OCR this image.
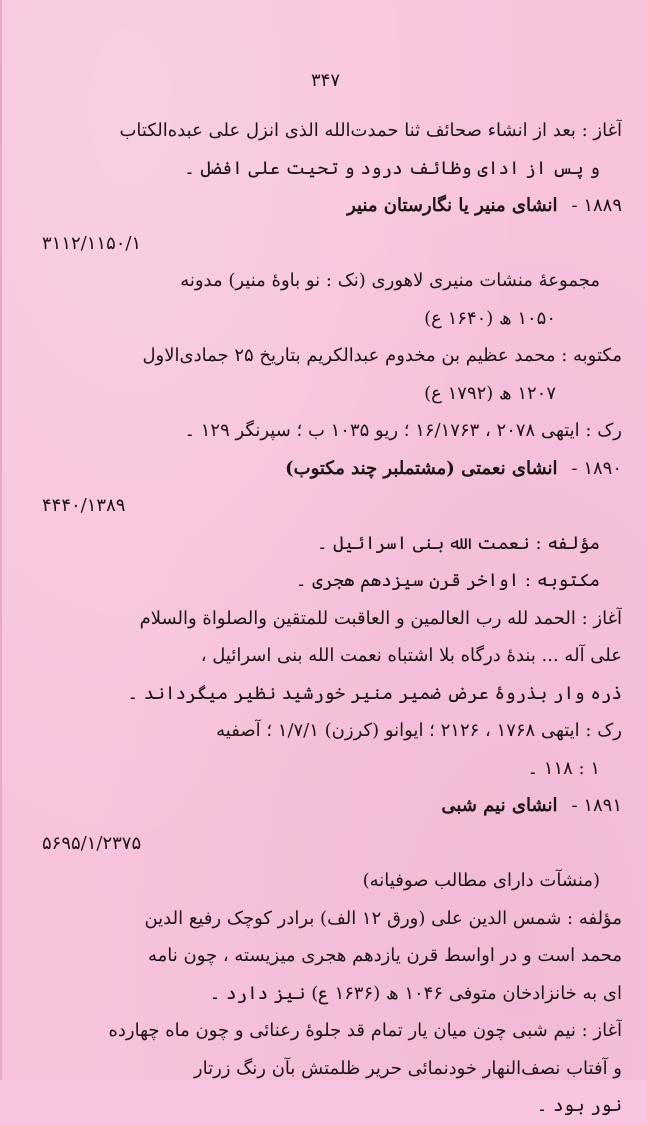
۳۴۷
آغاز : بعد از انشاء صحائف ثنا حمدت‌الله الذی انزل علی عبده‌الکتاب
و پس از ادای وظائف درود و تحیت علی افضل ۔
۱۸۸۹ -انشای منیر یا نگارستان منیر
۳۱۱۲/۱۱۵۰/۱
مجموعهٔ منشات منیری لاهوری (نک : نو باوهٔ منیر) مدونه
۱۰۵۰ ھ (۱۶۴۰ ع)
مکتوبه : محمد عظیم بن مخدوم عبدالکریم بتاریخ ۲۵ جمادی‌الاول
۱۲۰۷ ھ (۱۷۹۲ ع)
رک : ایتهی ۲۰۷۸ ، ۱۶/۱۷۶۳ ؛ ریو ۱۰۳۵ ب ؛ سپرنگر ۱۲۹ ۔
۱۸۹۰ -انشای نعمتی (مشتملبر چند مکتوب)
۴۴۴۰/۱۳۸۹
مؤلفه : نعمت الله بنی اسرائیل ۔
مکتوبه : اواخر قرن سیزدهم هجری ۔
آغاز : الحمد لله رب العالمین و العاقبت للمتقین والصلواة والسلام
علی آله ... بندهٔ درگاه بلا اشتباه نعمت الله بنی اسرائیل ،
ذره وار بذروهٔ عرض ضمیر منیر خورشید نظیر میگرداند ۔
رک : ایتهی ۱۷۶۸ ، ۲۱۲۶ ؛ ایوانو (کرزن) ۱/۷/۱ ؛ آصفیه
۱ : ۱۱۸ ۔
۱۸۹۱ -انشای نیم شبی
۵۶۹۵/۱/۲۳۷۵
(منشآت دارای مطالب صوفیانه)
مؤلفه : شمس الدین علی (ورق ۱۲ الف) برادر کوچک رفیع الدین
محمد است و در اواسط قرن یازدهم هجری میزیسته ، چون نامه
ای به خانزادخان متوفی ۱۰۴۶ ھ (۱۶۳۶ ع) نیز دارد ۔
آغاز : نیم شبی چون میان یار تمام قد جلوهٔ رعنائی و چون ماه چهارده
و آفتاب نصف‌النهار خودنمائی حریر ظلمتش بآن رنگ زرتار
نور بود ۔
